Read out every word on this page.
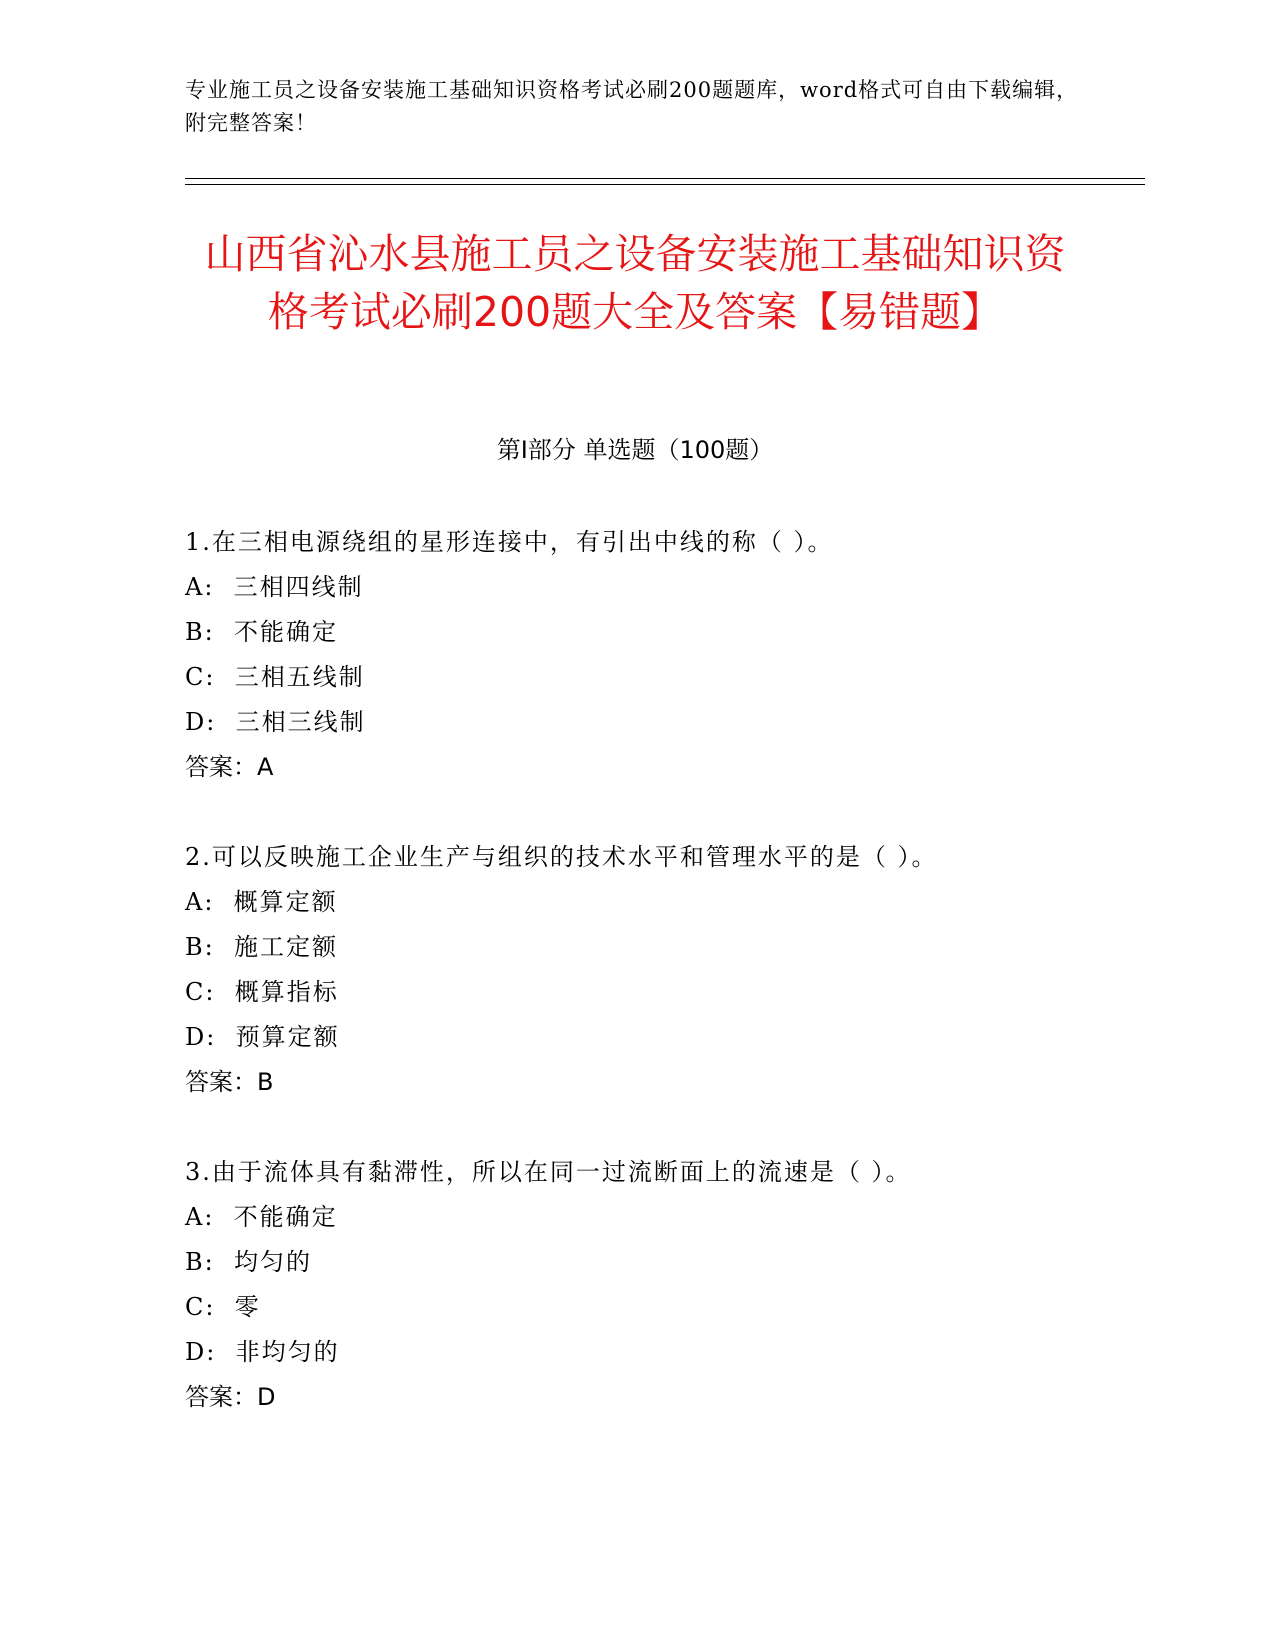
专业施工员之设备安装施工基础知识资格考试必刷200题题库，word格式可自由下载编辑，附完整答案！

山西省沁水县施工员之设备安装施工基础知识资格考试必刷200题大全及答案【易错题】
第I部分 单选题（100题）

1.在三相电源绕组的星形连接中，有引出中线的称（ ）。

A:  三相四线制

B:  不能确定

C:  三相五线制

D:  三相三线制

答案：A

2.可以反映施工企业生产与组织的技术水平和管理水平的是（ ）。

A:  概算定额

B:  施工定额

C:  概算指标

D:  预算定额

答案：B

3.由于流体具有黏滞性，所以在同一过流断面上的流速是（ ）。

A:  不能确定

B:  均匀的

C:  零

D:  非均匀的

答案：D
